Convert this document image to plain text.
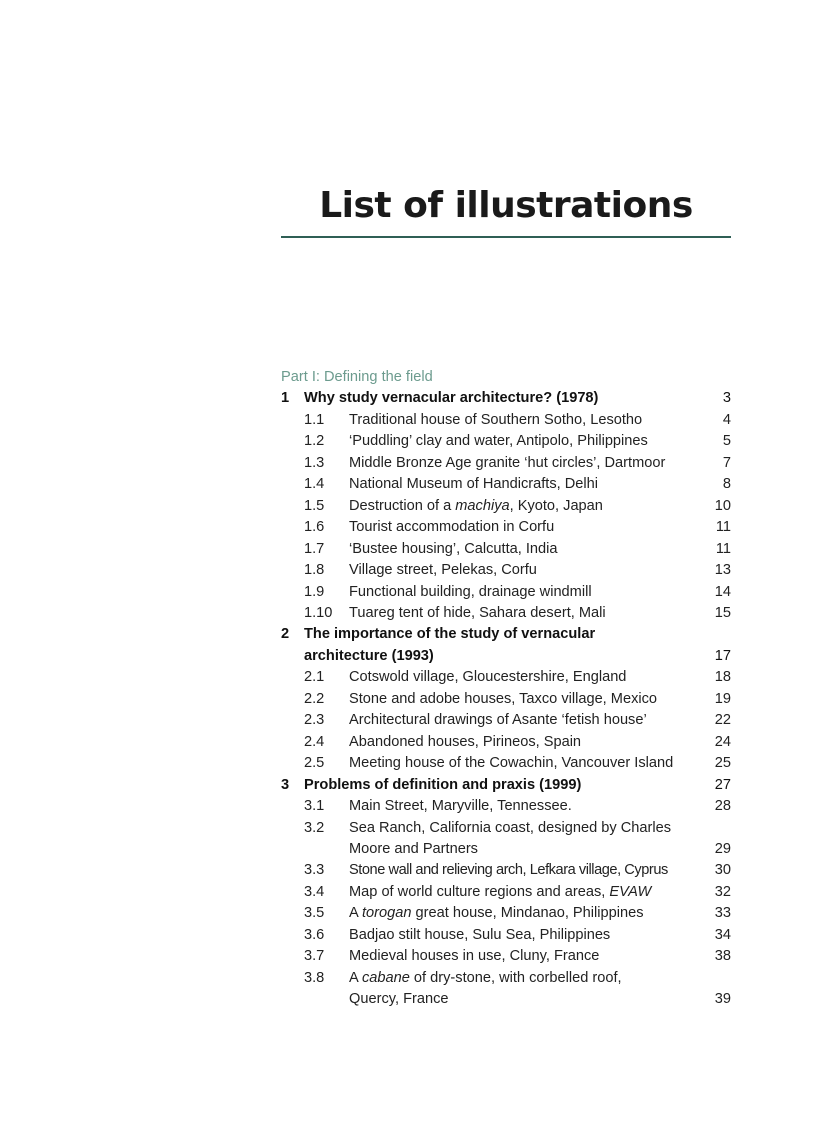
List of illustrations
Part I: Defining the field
1	Why study vernacular architecture? (1978)	3
1.1	Traditional house of Southern Sotho, Lesotho	4
1.2	‘Puddling’ clay and water, Antipolo, Philippines	5
1.3	Middle Bronze Age granite ‘hut circles’, Dartmoor	7
1.4	National Museum of Handicrafts, Delhi	8
1.5	Destruction of a machiya, Kyoto, Japan	10
1.6	Tourist accommodation in Corfu	11
1.7	‘Bustee housing’, Calcutta, India	11
1.8	Village street, Pelekas, Corfu	13
1.9	Functional building, drainage windmill	14
1.10	Tuareg tent of hide, Sahara desert, Mali	15
2	The importance of the study of vernacular
architecture (1993)	17
2.1	Cotswold village, Gloucestershire, England	18
2.2	Stone and adobe houses, Taxco village, Mexico	19
2.3	Architectural drawings of Asante ‘fetish house’	22
2.4	Abandoned houses, Pirineos, Spain	24
2.5	Meeting house of the Cowachin, Vancouver Island	25
3	Problems of definition and praxis (1999)	27
3.1	Main Street, Maryville, Tennessee.	28
3.2	Sea Ranch, California coast, designed by Charles
Moore and Partners	29
3.3	Stone wall and relieving arch, Lefkara village, Cyprus	30
3.4	Map of world culture regions and areas, EVAW	32
3.5	A torogan great house, Mindanao, Philippines	33
3.6	Badjao stilt house, Sulu Sea, Philippines	34
3.7	Medieval houses in use, Cluny, France	38
3.8	A cabane of dry-stone, with corbelled roof,
Quercy, France	39
